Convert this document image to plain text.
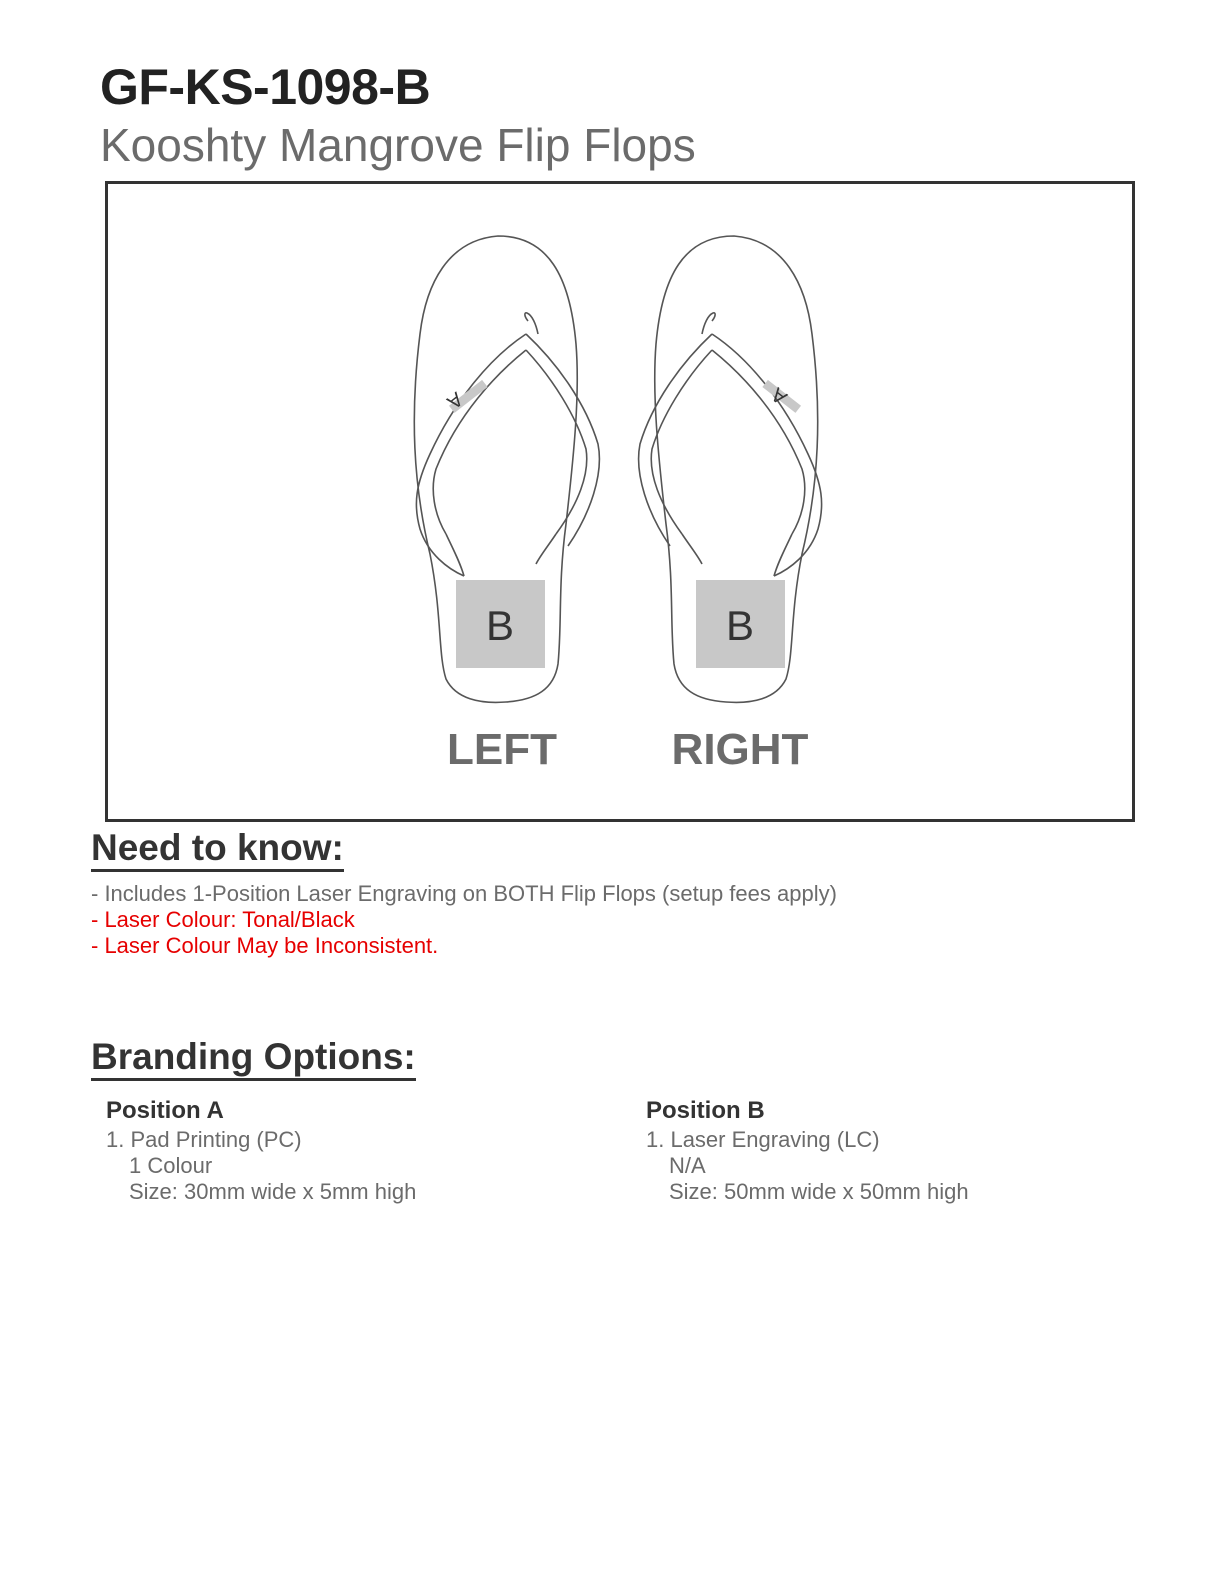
GF-KS-1098-B
Kooshty Mangrove Flip Flops
A
B
A
B
LEFT	RIGHT
Need to know:
- Includes 1-Position Laser Engraving on BOTH Flip Flops (setup fees apply)
- Laser Colour: Tonal/Black
- Laser Colour May be Inconsistent.
Branding Options:
Position A
1. Pad Printing (PC)
1 Colour
Size: 30mm wide x 5mm high
Position B
1. Laser Engraving (LC)
N/A
Size: 50mm wide x 50mm high
